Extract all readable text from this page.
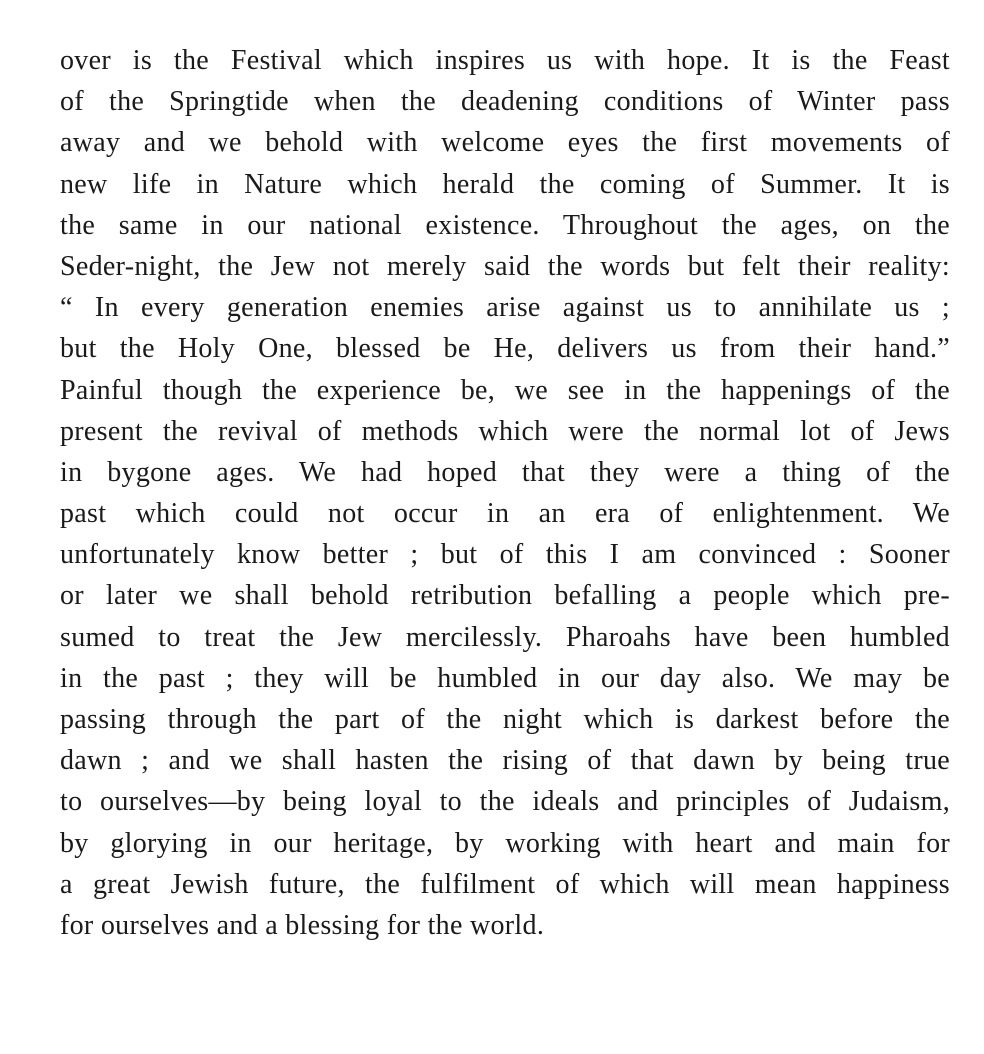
over is the Festival which inspires us with hope. It is the Feast
of the Springtide when the deadening conditions of Winter pass
away and we behold with welcome eyes the first movements of
new life in Nature which herald the coming of Summer. It is
the same in our national existence. Throughout the ages, on the
Seder-night, the Jew not merely said the words but felt their reality:
“ In every generation enemies arise against us to annihilate us ;
but the Holy One, blessed be He, delivers us from their hand.”
Painful though the experience be, we see in the happenings of the
present the revival of methods which were the normal lot of Jews
in bygone ages. We had hoped that they were a thing of the
past which could not occur in an era of enlightenment. We
unfortunately know better ; but of this I am convinced : Sooner
or later we shall behold retribution befalling a people which pre-
sumed to treat the Jew mercilessly. Pharoahs have been humbled
in the past ; they will be humbled in our day also. We may be
passing through the part of the night which is darkest before the
dawn ; and we shall hasten the rising of that dawn by being true
to ourselves—by being loyal to the ideals and principles of Judaism,
by glorying in our heritage, by working with heart and main for
a great Jewish future, the fulfilment of which will mean happiness
for ourselves and a blessing for the world.
